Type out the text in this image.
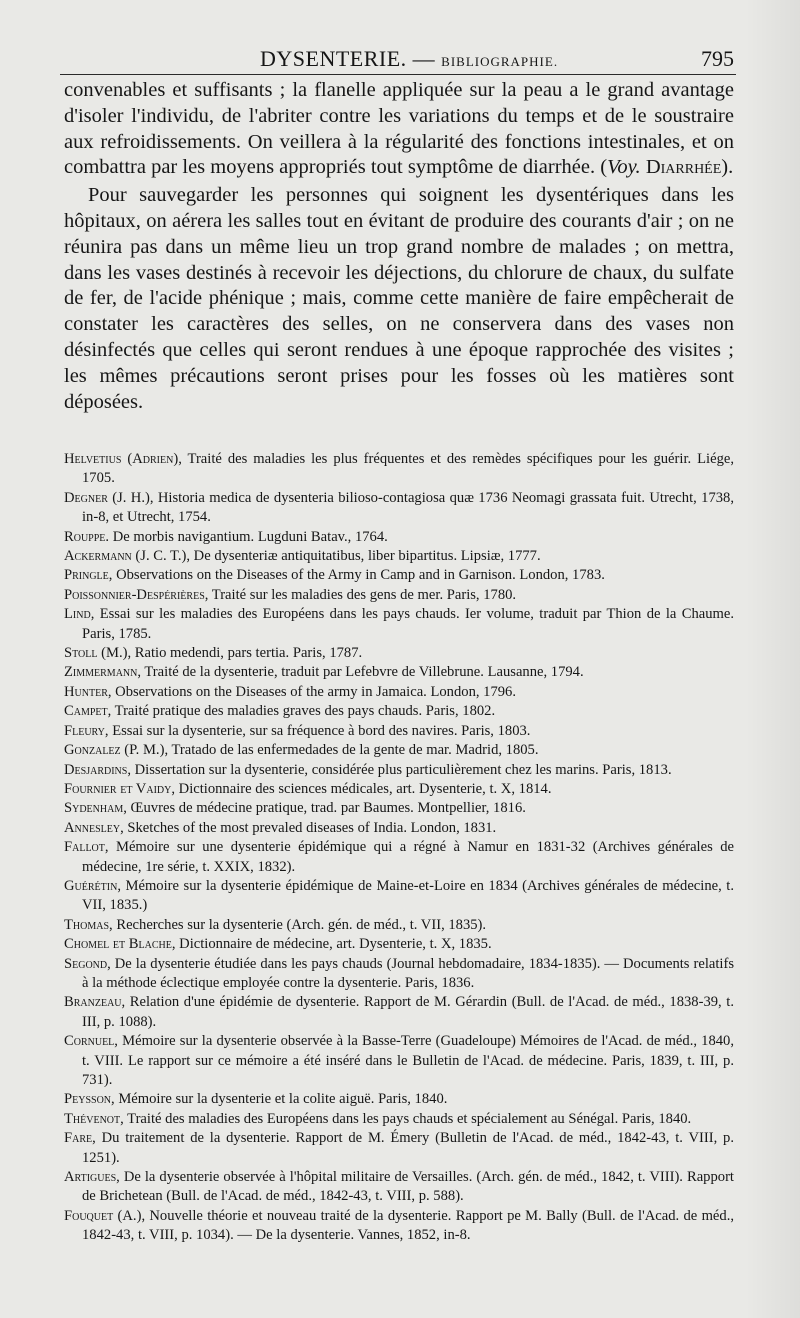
DYSENTERIE. — BIBLIOGRAPHIE.	795

convenables et suffisants ; la flanelle appliquée sur la peau a le grand avantage d'isoler l'individu, de l'abriter contre les variations du temps et de le soustraire aux refroidissements. On veillera à la régularité des fonctions intestinales, et on combattra par les moyens appropriés tout symptôme de diarrhée. (Voy. Diarrhée).

Pour sauvegarder les personnes qui soignent les dysentériques dans les hôpitaux, on aérera les salles tout en évitant de produire des courants d'air ; on ne réunira pas dans un même lieu un trop grand nombre de malades ; on mettra, dans les vases destinés à recevoir les déjections, du chlorure de chaux, du sulfate de fer, de l'acide phénique ; mais, comme cette manière de faire empêcherait de constater les caractères des selles, on ne conservera dans des vases non désinfectés que celles qui seront rendues à une époque rapprochée des visites ; les mêmes précautions seront prises pour les fosses où les matières sont déposées.

Helvetius (Adrien), Traité des maladies les plus fréquentes et des remèdes spécifiques pour les guérir. Liége, 1705.
Degner (J. H.), Historia medica de dysenteria bilioso-contagiosa quæ 1736 Neomagi grassata fuit. Utrecht, 1738, in-8, et Utrecht, 1754.
Rouppe. De morbis navigantium. Lugduni Batav., 1764.
Ackermann (J. C. T.), De dysenteriæ antiquitatibus, liber bipartitus. Lipsiæ, 1777.
Pringle, Observations on the Diseases of the Army in Camp and in Garnison. London, 1783.
Poissonnier-Despérières, Traité sur les maladies des gens de mer. Paris, 1780.
Lind, Essai sur les maladies des Européens dans les pays chauds. Ier volume, traduit par Thion de la Chaume. Paris, 1785.
Stoll (M.), Ratio medendi, pars tertia. Paris, 1787.
Zimmermann, Traité de la dysenterie, traduit par Lefebvre de Villebrune. Lausanne, 1794.
Hunter, Observations on the Diseases of the army in Jamaica. London, 1796.
Campet, Traité pratique des maladies graves des pays chauds. Paris, 1802.
Fleury, Essai sur la dysenterie, sur sa fréquence à bord des navires. Paris, 1803.
Gonzalez (P. M.), Tratado de las enfermedades de la gente de mar. Madrid, 1805.
Desjardins, Dissertation sur la dysenterie, considérée plus particulièrement chez les marins. Paris, 1813.
Fournier et Vaidy, Dictionnaire des sciences médicales, art. Dysenterie, t. X, 1814.
Sydenham, Œuvres de médecine pratique, trad. par Baumes. Montpellier, 1816.
Annesley, Sketches of the most prevaled diseases of India. London, 1831.
Fallot, Mémoire sur une dysenterie épidémique qui a régné à Namur en 1831-32 (Archives générales de médecine, 1re série, t. XXIX, 1832).
Guérétin, Mémoire sur la dysenterie épidémique de Maine-et-Loire en 1834 (Archives générales de médecine, t. VII, 1835.)
Thomas, Recherches sur la dysenterie (Arch. gén. de méd., t. VII, 1835).
Chomel et Blache, Dictionnaire de médecine, art. Dysenterie, t. X, 1835.
Segond, De la dysenterie étudiée dans les pays chauds (Journal hebdomadaire, 1834-1835). — Documents relatifs à la méthode éclectique employée contre la dysenterie. Paris, 1836.
Branzeau, Relation d'une épidémie de dysenterie. Rapport de M. Gérardin (Bull. de l'Acad. de méd., 1838-39, t. III, p. 1088).
Cornuel, Mémoire sur la dysenterie observée à la Basse-Terre (Guadeloupe) Mémoires de l'Acad. de méd., 1840, t. VIII. Le rapport sur ce mémoire a été inséré dans le Bulletin de l'Acad. de médecine. Paris, 1839, t. III, p. 731).
Peysson, Mémoire sur la dysenterie et la colite aiguë. Paris, 1840.
Thévenot, Traité des maladies des Européens dans les pays chauds et spécialement au Sénégal. Paris, 1840.
Fare, Du traitement de la dysenterie. Rapport de M. Émery (Bulletin de l'Acad. de méd., 1842-43, t. VIII, p. 1251).
Artigues, De la dysenterie observée à l'hôpital militaire de Versailles. (Arch. gén. de méd., 1842, t. VIII). Rapport de Brichetean (Bull. de l'Acad. de méd., 1842-43, t. VIII, p. 588).
Fouquet (A.), Nouvelle théorie et nouveau traité de la dysenterie. Rapport pe M. Bally (Bull. de l'Acad. de méd., 1842-43, t. VIII, p. 1034). — De la dysenterie. Vannes, 1852, in-8.
